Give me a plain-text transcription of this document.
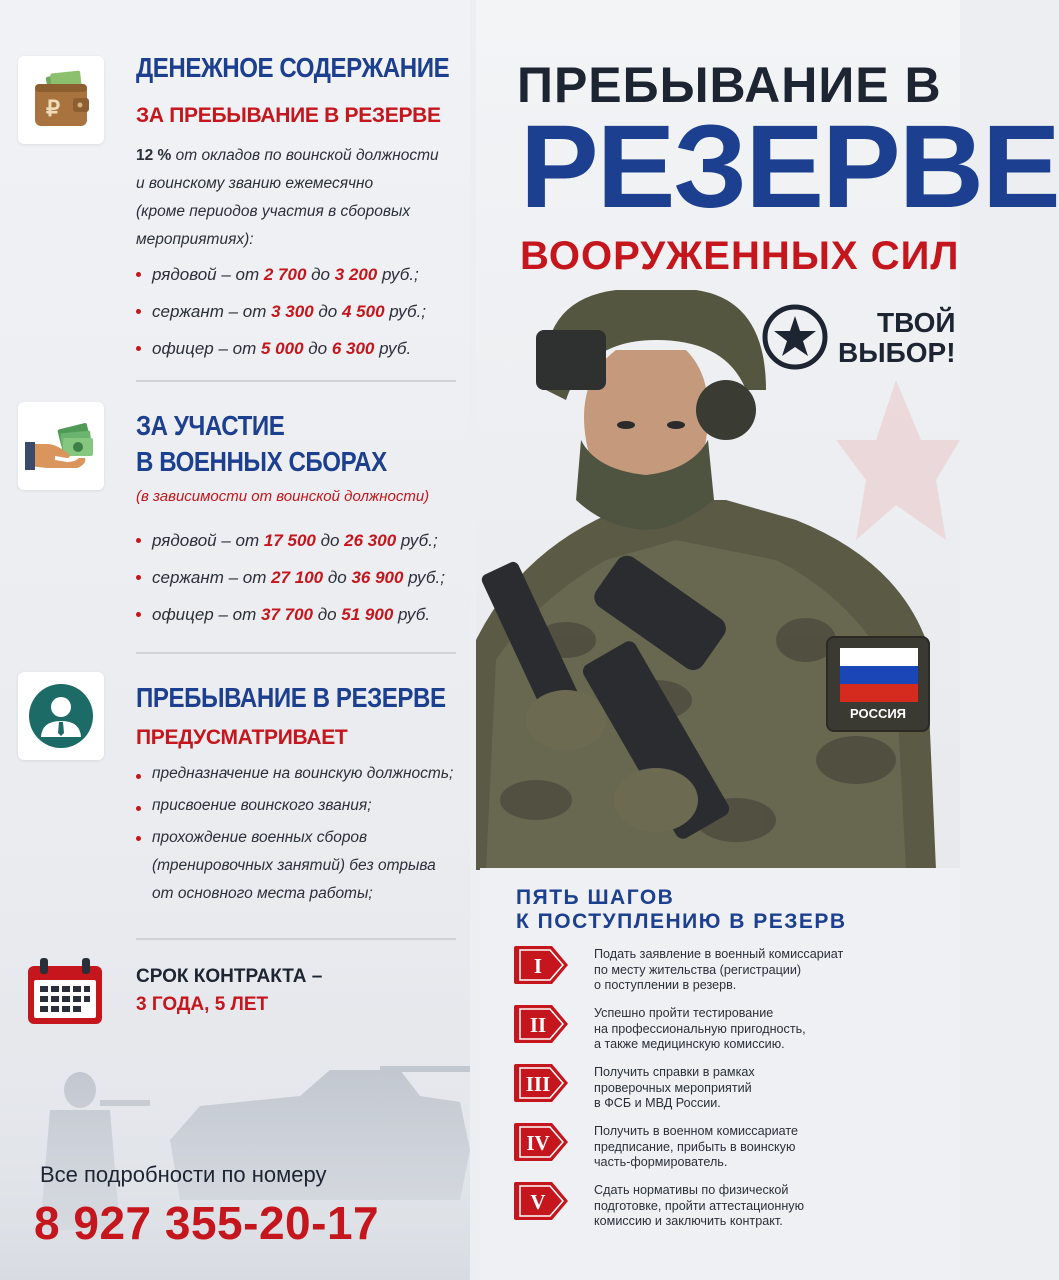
₽
ДЕНЕЖНОЕ СОДЕРЖАНИЕ
ЗА ПРЕБЫВАНИЕ В РЕЗЕРВЕ
12 % от окладов по воинской должности
и воинскому званию ежемесячно
(кроме периодов участия в сборовых
мероприятиях):
рядовой – от 2 700 до 3 200 руб.;
сержант – от 3 300 до 4 500 руб.;
офицер – от 5 000 до 6 300 руб.
ЗА УЧАСТИЕ
В ВОЕННЫХ СБОРАХ
(в зависимости от воинской должности)
рядовой – от 17 500 до 26 300 руб.;
сержант – от 27 100 до 36 900 руб.;
офицер – от 37 700 до 51 900 руб.
ПРЕБЫВАНИЕ В РЕЗЕРВЕ
ПРЕДУСМАТРИВАЕТ
предназначение на воинскую должность;
присвоение воинского звания;
прохождение военных сборов
(тренировочных занятий) без отрыва
от основного места работы;
СРОК КОНТРАКТА –
3 ГОДА, 5 ЛЕТ
Все подробности по номеру
8 927 355-20-17
ПРЕБЫВАНИЕ В
РЕЗЕРВЕ
ВООРУЖЕННЫХ СИЛ
ТВОЙ
ВЫБОР!
РОССИЯ
ПЯТЬ ШАГОВ
К ПОСТУПЛЕНИЮ В РЕЗЕРВ
I	Подать заявление в военный комиссариат
по месту жительства (регистрации)
о поступлении в резерв.
II	Успешно пройти тестирование
на профессиональную пригодность,
а также медицинскую комиссию.
III	Получить справки в рамках
проверочных мероприятий
в ФСБ и МВД России.
IV	Получить в военном комиссариате
предписание, прибыть в воинскую
часть-формирователь.
V	Сдать нормативы по физической
подготовке, пройти аттестационную
комиссию и заключить контракт.
